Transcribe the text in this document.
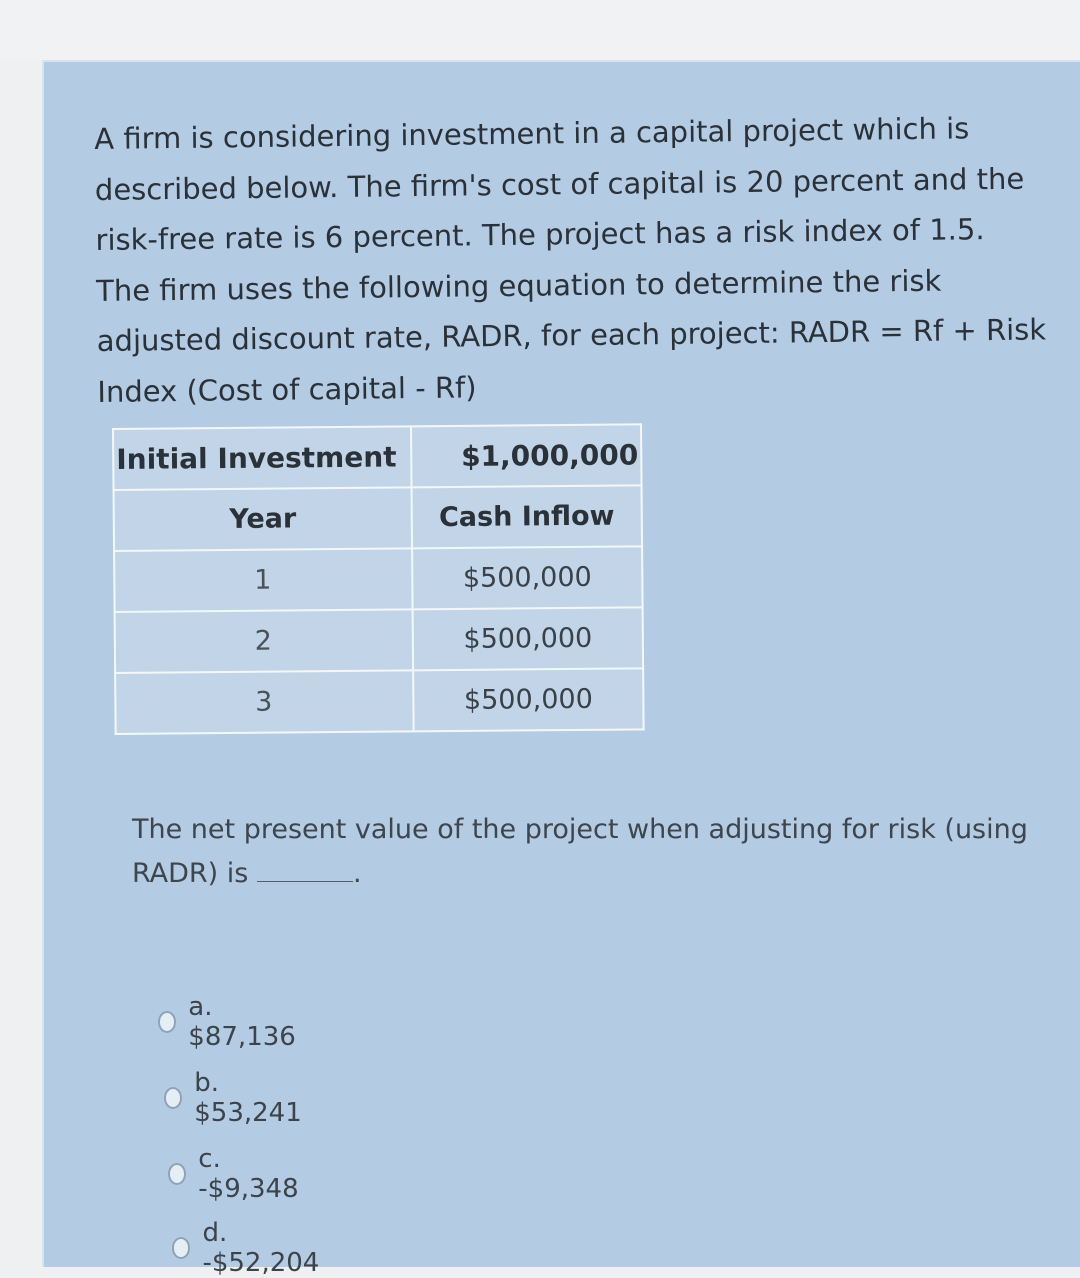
A firm is considering investment in a capital project which is described below. The firm's cost of capital is 20 percent and the risk-free rate is 6 percent. The project has a risk index of 1.5. The firm uses the following equation to determine the risk adjusted discount rate, RADR, for each project: RADR = Rf + Risk Index (Cost of capital - Rf)

Initial Investment	$1,000,000
Year	Cash Inflow
1	$500,000
2	$500,000
3	$500,000

The net present value of the project when adjusting for risk (using RADR) is	.

a. $87,136
b. $53,241
c. -$9,348
d. -$52,204
